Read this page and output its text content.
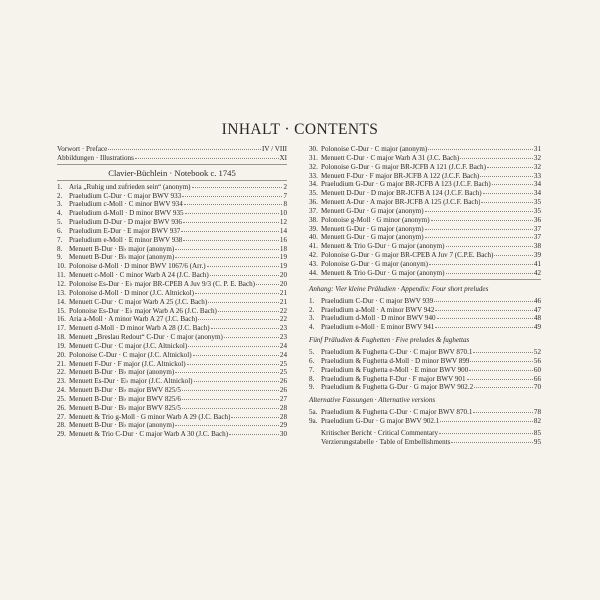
INHALT · CONTENTS
Vorwort · Preface	IV / VIII
Abbildungen · Illustrations	XI
Clavier-Büchlein · Notebook c. 1745
1. Aria „Ruhig und zufrieden sein“ (anonym)	2
2. Praeludium C-Dur · C major BWV 933	7
3. Praeludium c-Moll · C minor BWV 934	8
4. Praeludium d-Moll · D minor BWV 935	10
5. Praeludium D-Dur · D major BWV 936	12
6. Praeludium E-Dur · E major BWV 937	14
7. Praeludium e-Moll · E minor BWV 938	16
8. Menuett B-Dur · B♭ major (anonym)	18
9. Menuett B-Dur · B♭ major (anonym)	19
10. Polonoise d-Moll · D minor BWV 1067/6 (Arr.)	19
11. Menuett c-Moll · C minor Warb A 24 (J.C. Bach)	20
12. Polonoise Es-Dur · E♭ major BR-CPEB A Juv 9/3 (C. P. E. Bach)	20
13. Polonoise d-Moll · D minor (J.C. Altnickol)	21
14. Menuett C-Dur · C major Warb A 25 (J.C. Bach)	21
15. Polonoise Es-Dur · E♭ major Warb A 26 (J.C. Bach)	22
16. Aria a-Moll · A minor Warb A 27 (J.C. Bach)	22
17. Menuett d-Moll · D minor Warb A 28 (J.C. Bach)	23
18. Menuett „Breslau Redout“ C-Dur · C major (anonym)	23
19. Menuett C-Dur · C major (J.C. Altnickol)	24
20. Polonoise C-Dur · C major (J.C. Altnickol)	24
21. Menuett F-Dur · F major (J.C. Altnickol)	25
22. Menuett B-Dur · B♭ major (anonym)	25
23. Menuett Es-Dur · E♭ major (J.C. Altnickol)	26
24. Menuett B-Dur · B♭ major BWV 825/5	26
25. Menuett B-Dur · B♭ major BWV 825/6	27
26. Menuett B-Dur · B♭ major BWV 825/5	28
27. Menuett & Trio g-Moll · G minor Warb A 29 (J.C. Bach)	28
28. Menuett B-Dur · B♭ major (anonym)	29
29. Menuett & Trio C-Dur · C major Warb A 30 (J.C. Bach)	30
30. Polonoise C-Dur · C major (anonym)	31
31. Menuett C-Dur · C major Warb A 31 (J.C. Bach)	32
32. Polonoise G-Dur · G major BR-JCFB A 121 (J.C.F. Bach)	32
33. Menuett F-Dur · F major BR-JCFB A 122 (J.C.F. Bach)	33
34. Praeludium G-Dur · G major BR-JCFB A 123 (J.C.F. Bach)	34
35. Menuett D-Dur · D major BR-JCFB A 124 (J.C.F. Bach)	34
36. Menuett A-Dur · A major BR-JCFB A 125 (J.C.F. Bach)	35
37. Menuett G-Dur · G major (anonym)	35
38. Polonoise g-Moll · G minor (anonym)	36
39. Menuett G-Dur · G major (anonym)	37
40. Menuett G-Dur · G major (anonym)	37
41. Menuett & Trio G-Dur · G major (anonym)	38
42. Polonoise G-Dur · G major BR-CPEB A Juv 7 (C.P.E. Bach)	39
43. Polonoise G-Dur · G major (anonym)	41
44. Menuett & Trio G-Dur · G major (anonym)	42
Anhang: Vier kleine Präludien · Appendix: Four short preludes
1. Praeludium C-Dur · C major BWV 939	46
2. Praeludium a-Moll · A minor BWV 942	47
3. Praeludium d-Moll · D minor BWV 940	48
4. Praeludium e-Moll · E minor BWV 941	49
Fünf Präludien & Fughetten · Five preludes & fughettas
5. Praeludium & Fughetta C-Dur · C major BWV 870.1	52
6. Praeludium & Fughetta d-Moll · D minor BWV 899	56
7. Praeludium & Fughetta e-Moll · E minor BWV 900	60
8. Praeludium & Fughetta F-Dur · F major BWV 901	66
9. Praeludium & Fughetta G-Dur · G major BWV 902.2	70
Alternative Fassungen · Alternative versions
5a. Praeludium & Fughetta C-Dur · C major BWV 870.1	78
9a. Praeludium G-Dur · G major BWV 902.1	82
Kritischer Bericht · Critical Commentary	85
Verzierungstabelle · Table of Embellishments	95
